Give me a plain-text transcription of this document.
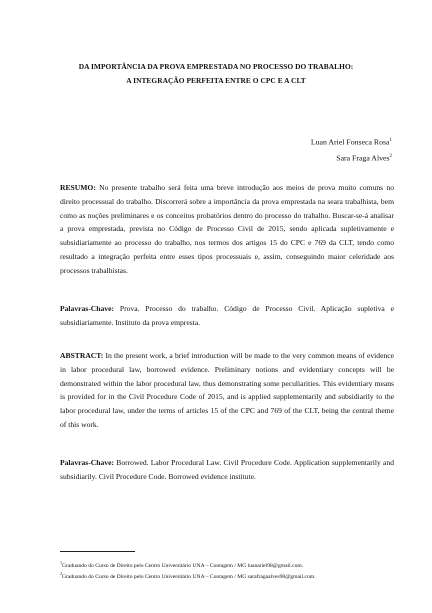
DA IMPORTÂNCIA DA PROVA EMPRESTADA NO PROCESSO DO TRABALHO:
A INTEGRAÇÃO PERFEITA ENTRE O CPC E A CLT
Luan Ariel Fonseca Rosa$^1$
Sara Fraga Alves$^2$
RESUMO: No presente trabalho será feita uma breve introdução aos meios de prova muito comuns no direito processual do trabalho. Discorrerá sobre a importância da prova emprestada na seara trabalhista, bem como as noções preliminares e os conceitos probatórios dentro do processo do trabalho. Buscar-se-á analisar a prova emprestada, prevista no Código de Processo Civil de 2015, sendo aplicada supletivamente e subsidiariamente ao processo do trabalho, nos termos dos artigos 15 do CPC e 769 da CLT, tendo como resultado a integração perfeita entre esses tipos processuais e, assim, conseguindo maior celeridade aos processos trabalhistas.
Palavras-Chave: Prova. Processo do trabalho. Código de Processo Civil. Aplicação supletiva e subsidiariamente. Instituto da prova empresta.
ABSTRACT: In the present work, a brief introduction will be made to the very common means of evidence in labor procedural law, borrowed evidence. Preliminary notions and evidentiary concepts will be demonstrated within the labor procedural law, thus demonstrating some peculiarities. This evidentiary means is provided for in the Civil Procedure Code of 2015, and is applied supplementarily and subsidiarily to the labor procedural law, under the terms of articles 15 of the CPC and 769 of the CLT, being the central theme of this work.
Palavras-Chave: Borrowed. Labor Procedural Law. Civil Procedure Code. Application supplementarily and subsidiarily. Civil Procedure Code. Borrowed evidence institute.
$^1$Graduando do Curso de Direito pelo Centro Universitário UNA – Contagem / MG luanariel98@gmail.com.
$^2$Graduando do Curso de Direito pelo Centro Universitário UNA – Contagem / MG sarafragaalves98@gmail.com.
